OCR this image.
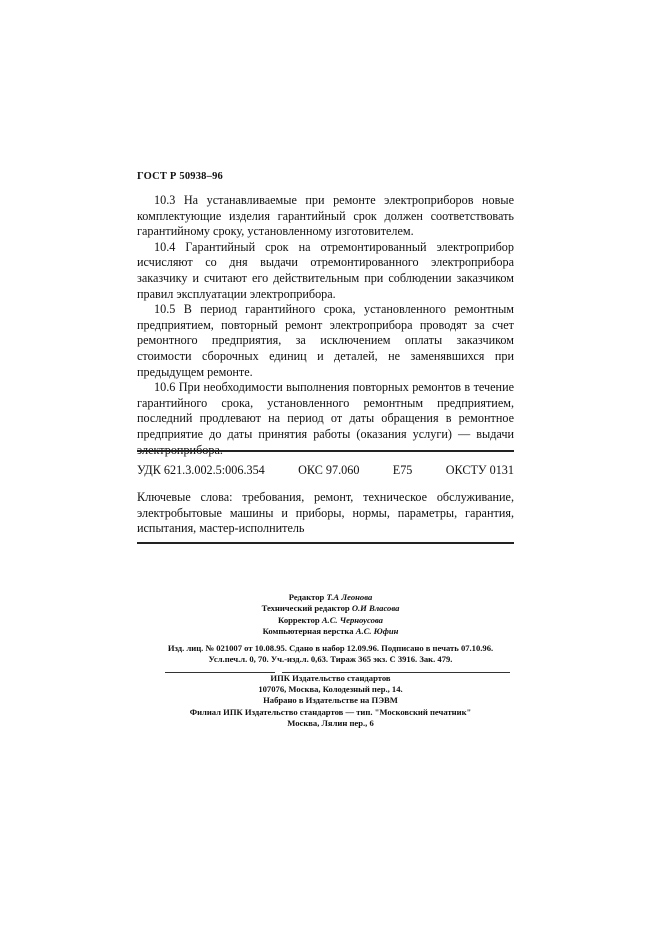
ГОСТ Р 50938–96

10.3 На устанавливаемые при ремонте электроприборов новые комплектующие изделия гарантийный срок должен соответствовать гарантийному сроку, установленному изготовителем.

10.4 Гарантийный срок на отремонтированный электроприбор исчисляют со дня выдачи отремонтированного электроприбора заказчику и считают его действительным при соблюдении заказчиком правил эксплуатации электроприбора.

10.5 В период гарантийного срока, установленного ремонтным предприятием, повторный ремонт электроприбора проводят за счет ремонтного предприятия, за исключением оплаты заказчиком стоимости сборочных единиц и деталей, не заменявшихся при предыдущем ремонте.

10.6 При необходимости выполнения повторных ремонтов в течение гарантийного срока, установленного ремонтным предприятием, последний продлевают на период от даты обращения в ремонтное предприятие до даты принятия работы (оказания услуги) — выдачи электроприбора.

УДК 621.3.002.5:006.354	ОКС 97.060	Е75	ОКСТУ 0131
Ключевые слова: требования, ремонт, техническое обслуживание, электробытовые машины и приборы, нормы, параметры, гарантия, испытания, мастер-исполнитель
Редактор Т.А Леонова
Технический редактор О.И Власова
Корректор А.С. Черноусова
Компьютерная верстка А.С. Юфин
Изд. лиц. № 021007 от 10.08.95. Сдано в набор 12.09.96. Подписано в печать 07.10.96.
Усл.печ.л. 0, 70. Уч.-изд.л. 0,63. Тираж 365 экз. С 3916. Зак. 479.
ИПК Издательство стандартов
107076, Москва, Колодезный пер., 14.
Набрано в Издательстве на ПЭВМ
Филиал ИПК Издательство стандартов — тип. "Московский печатник"
Москва, Лялин пер., 6
